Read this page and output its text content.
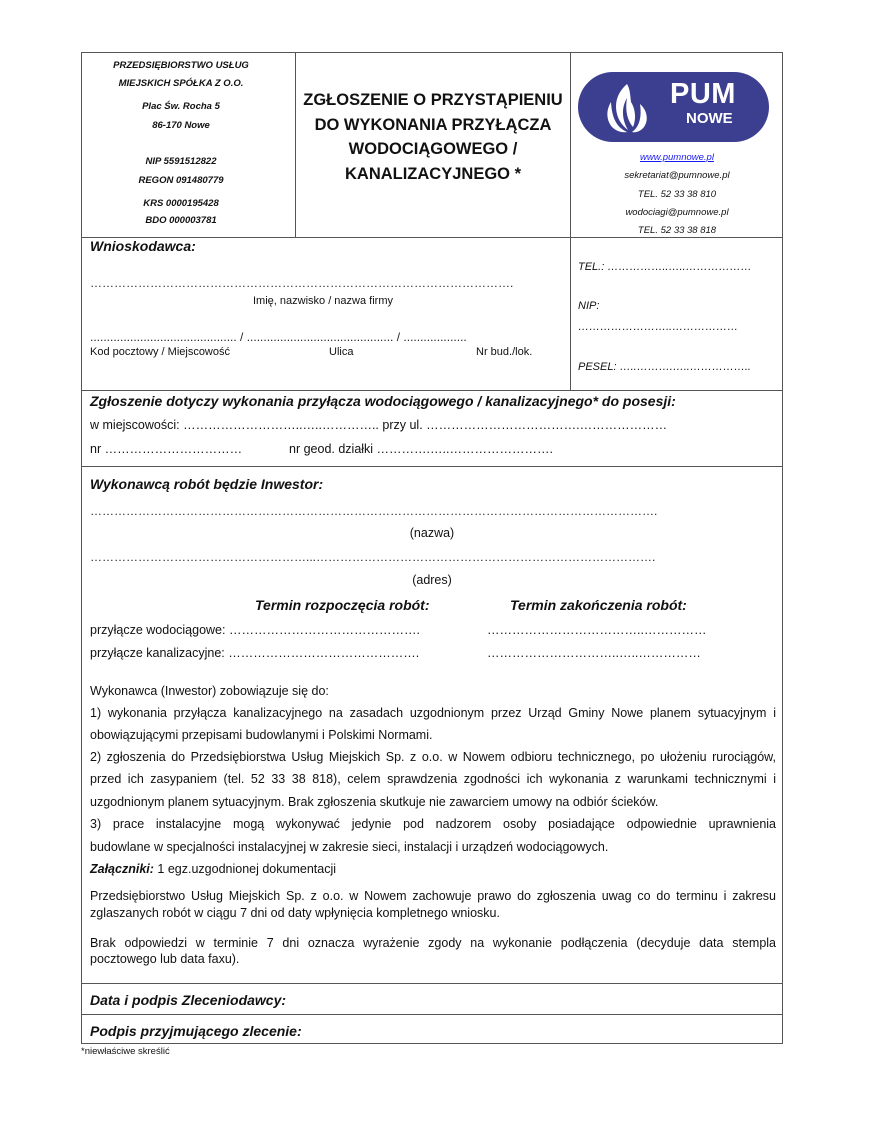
PRZEDSIĘBIORSTWO USŁUG
MIEJSKICH SPÓŁKA Z O.O.
Plac Św. Rocha 5
86-170 Nowe
NIP 5591512822
REGON 091480779
KRS 0000195428
BDO 000003781
ZGŁOSZENIE O PRZYSTĄPIENIU DO WYKONANIA PRZYŁĄCZA WODOCIĄGOWEGO / KANALIZACYJNEGO *
PUM
NOWE
www.pumnowe.pl
sekretariat@pumnowe.pl
TEL. 52 33 38 810
wodociagi@pumnowe.pl
TEL. 52 33 38 818
Wnioskodawca:
…………………………………………………………………………………………….
Imię, nazwisko / nazwa firmy
............................................ / ............................................ / ...................
Kod pocztowy / Miejscowość	Ulica	Nr bud./lok.
TEL.: ……………..…..………………
NIP:
……………………..………………
PESEL: …..……….…..……………..
Zgłoszenie dotyczy wykonania przyłącza wodociągowego / kanalizacyjnego* do posesji:
w miejscowości: ………………………..…..………….. przy ul. ……………………………….…………………
nr ……………………………	nr geod. działki ………….…..…………………….
Wykonawcą robót będzie Inwestor:
…………………………………………………………………………………………………………………………….
(nazwa)
………………………………………………...………………………………………………………………………….
(adres)
Termin rozpoczęcia robót:	Termin zakończenia robót:
przyłącze wodociągowe: ……………………………………….	………………………………..……………
przyłącze kanalizacyjne: ……………………………………….	…………………………..…..……………
Wykonawca (Inwestor) zobowiązuje się do:
1) wykonania przyłącza kanalizacyjnego na zasadach uzgodnionym przez Urząd Gminy Nowe planem sytuacyjnym i
obowiązującymi przepisami budowlanymi i Polskimi Normami.
2) zgłoszenia do Przedsiębiorstwa Usług Miejskich Sp. z o.o. w Nowem odbioru technicznego, po ułożeniu rurociągów,
przed ich zasypaniem (tel. 52 33 38 818), celem sprawdzenia zgodności ich wykonania z warunkami technicznymi i
uzgodnionym planem sytuacyjnym. Brak zgłoszenia skutkuje nie zawarciem umowy na odbiór ścieków.
3) prace instalacyjne mogą wykonywać jedynie pod nadzorem osoby posiadające odpowiednie uprawnienia
budowlane w specjalności instalacyjnej w zakresie sieci, instalacji i urządzeń wodociągowych.
Załączniki: 1 egz.uzgodnionej dokumentacji
Przedsiębiorstwo Usług Miejskich Sp. z o.o. w Nowem zachowuje prawo do zgłoszenia uwag co do terminu i zakresu
zglaszanych robót w ciągu 7 dni od daty wpłynięcia kompletnego wniosku.
Brak odpowiedzi w terminie 7 dni oznacza wyrażenie zgody na wykonanie podłączenia (decyduje data stempla
pocztowego lub data faxu).
Data i podpis Zleceniodawcy:
Podpis przyjmującego zlecenie:
*niewłaściwe skreślić
